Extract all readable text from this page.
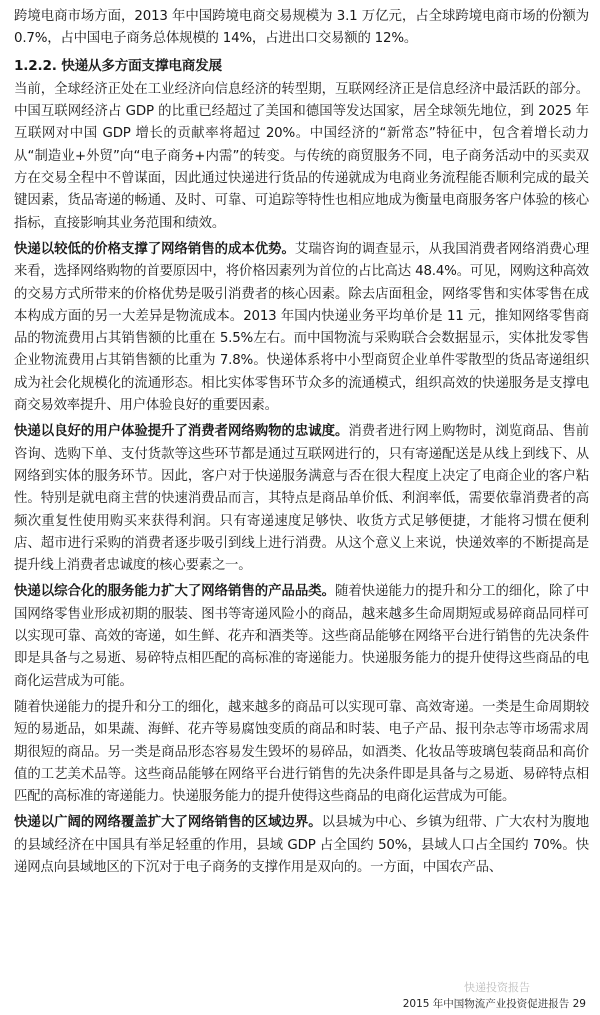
跨境电商市场方面，2013 年中国跨境电商交易规模为 3.1 万亿元，占全球跨境电商市场的份额为 0.7%，占中国电子商务总体规模的 14%，占进出口交易额的 12%。

1.2.2. 快递从多方面支撑电商发展

当前，全球经济正处在工业经济向信息经济的转型期，互联网经济正是信息经济中最活跃的部分。中国互联网经济占 GDP 的比重已经超过了美国和德国等发达国家，居全球领先地位，到 2025 年互联网对中国 GDP 增长的贡献率将超过 20%。中国经济的“新常态”特征中，包含着增长动力从“制造业+外贸”向“电子商务+内需”的转变。与传统的商贸服务不同，电子商务活动中的买卖双方在交易全程中不曾谋面，因此通过快递进行货品的传递就成为电商业务流程能否顺利完成的最关键因素，货品寄递的畅通、及时、可靠、可追踪等特性也相应地成为衡量电商服务客户体验的核心指标，直接影响其业务范围和绩效。

快递以较低的价格支撑了网络销售的成本优势。艾瑞咨询的调查显示，从我国消费者网络消费心理来看，选择网络购物的首要原因中，将价格因素列为首位的占比高达 48.4%。可见，网购这种高效的交易方式所带来的价格优势是吸引消费者的核心因素。除去店面租金，网络零售和实体零售在成本构成方面的另一大差异是物流成本。2013 年国内快递业务平均单价是 11 元，推知网络零售商品的物流费用占其销售额的比重在 5.5%左右。而中国物流与采购联合会数据显示，实体批发零售企业物流费用占其销售额的比重为 7.8%。快递体系将中小型商贸企业单件零散型的货品寄递组织成为社会化规模化的流通形态。相比实体零售环节众多的流通模式，组织高效的快递服务是支撑电商交易效率提升、用户体验良好的重要因素。

快递以良好的用户体验提升了消费者网络购物的忠诚度。消费者进行网上购物时，浏览商品、售前咨询、选购下单、支付货款等这些环节都是通过互联网进行的，只有寄递配送是从线上到线下、从网络到实体的服务环节。因此，客户对于快递服务满意与否在很大程度上决定了电商企业的客户粘性。特别是就电商主营的快速消费品而言，其特点是商品单价低、利润率低，需要依靠消费者的高频次重复性使用购买来获得利润。只有寄递速度足够快、收货方式足够便捷，才能将习惯在便利店、超市进行采购的消费者逐步吸引到线上进行消费。从这个意义上来说，快递效率的不断提高是提升线上消费者忠诚度的核心要素之一。

快递以综合化的服务能力扩大了网络销售的产品品类。随着快递能力的提升和分工的细化，除了中国网络零售业形成初期的服装、图书等寄递风险小的商品，越来越多生命周期短或易碎商品同样可以实现可靠、高效的寄递，如生鲜、花卉和酒类等。这些商品能够在网络平台进行销售的先决条件即是具备与之易逝、易碎特点相匹配的高标准的寄递能力。快递服务能力的提升使得这些商品的电商化运营成为可能。

随着快递能力的提升和分工的细化，越来越多的商品可以实现可靠、高效寄递。一类是生命周期较短的易逝品，如果蔬、海鲜、花卉等易腐蚀变质的商品和时装、电子产品、报刊杂志等市场需求周期很短的商品。另一类是商品形态容易发生毁坏的易碎品，如酒类、化妆品等玻璃包装商品和高价值的工艺美术品等。这些商品能够在网络平台进行销售的先决条件即是具备与之易逝、易碎特点相匹配的高标准的寄递能力。快递服务能力的提升使得这些商品的电商化运营成为可能。

快递以广阔的网络覆盖扩大了网络销售的区域边界。以县城为中心、乡镇为纽带、广大农村为腹地的县域经济在中国具有举足轻重的作用，县域 GDP 占全国约 50%，县域人口占全国约 70%。快递网点向县域地区的下沉对于电子商务的支撑作用是双向的。一方面，中国农产品、

快递投资报告
2015 年中国物流产业投资促进报告 29
